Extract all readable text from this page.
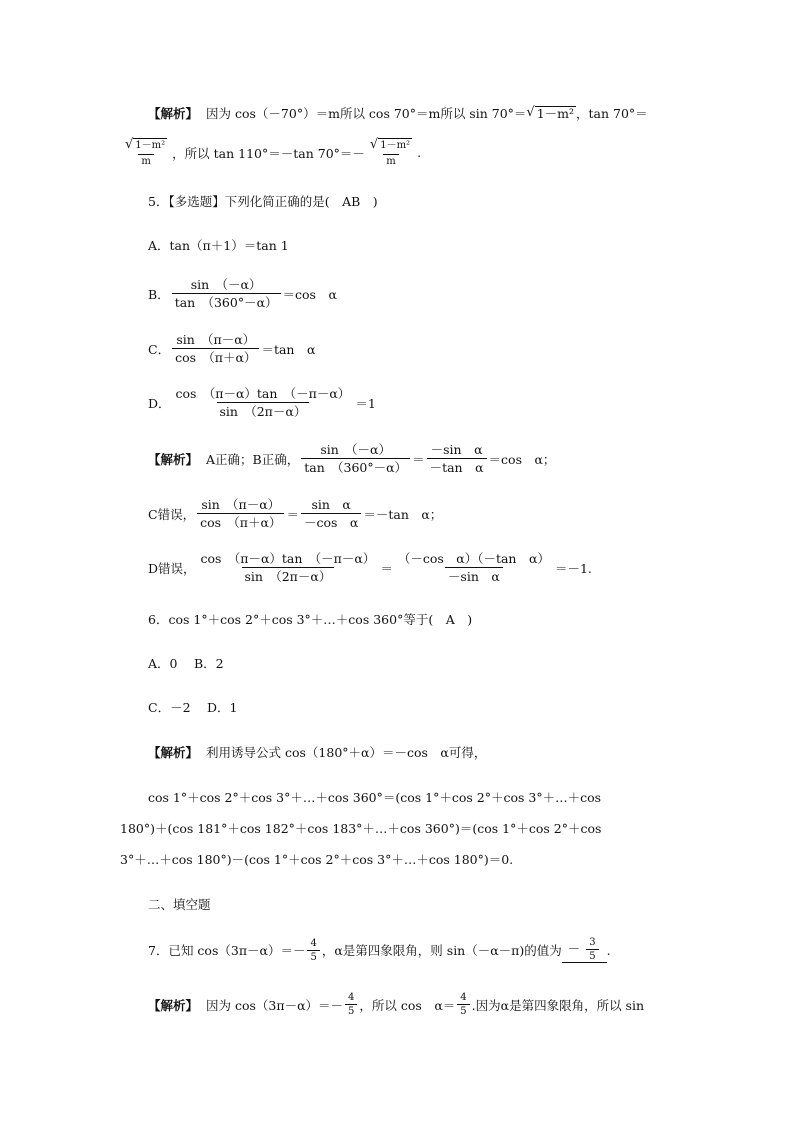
【解析】 因为 cos（－70°）＝m所以 cos 70°＝m所以 sin 70°＝ √ 1－m² ，tan 70°＝
$\frac{\text{√ 1－m²}}{m}$ ，所以 tan 110°＝－tan $70^\circ=- \frac{\text{√ 1－m²}}{m}$ .
5．【多选题】下列化简正确的是(　AB　)
A．tan（π＋1）＝tan 1
B． $\frac{\sin (-\alpha)}{\tan (360^\circ-\alpha)} =\cos$　α
C． $\frac{\sin (\pi-\alpha)}{\cos (\pi+\alpha)} =\tan$　α
D． $\frac{\cos (\pi-\alpha)\tan (-\pi-\alpha)}{\sin (2\pi-\alpha)} =1$
【解析】 A正确；B正确， $\frac{\sin (-\alpha)}{\tan (360^\circ-\alpha)} = \frac{\text{－sin　α}}{\text{－tan　α}} =\cos$　α；
C错误， $\frac{\sin (\pi-\alpha)}{\cos (\pi+\alpha)} = \frac{\text{sin　α}}{\text{－cos　α}} =-\tan$　α；
D错误， $\frac{\cos (\pi-\alpha)\tan (-\pi-\alpha)}{\sin (2\pi-\alpha)} = \frac{\text{（－cos　α）（－tan　α）}}{\text{－sin　α}} =-1$.
6．cos 1°＋cos 2°＋cos 3°＋…＋cos 360°等于(　A　)
A．0　 B．2
C．－2　 D．1
【解析】 利用诱导公式 cos（180°＋α）＝－cos　α可得，
cos 1°＋cos 2°＋cos 3°＋…＋cos 360°＝(cos 1°＋cos 2°＋cos 3°＋…＋cos
180°)＋(cos 181°＋cos 182°＋cos 183°＋…＋cos 360°)＝(cos 1°＋cos 2°＋cos
3°＋…＋cos 180°)－(cos 1°＋cos 2°＋cos 3°＋…＋cos 180°)＝0.
二、填空题
7．已知 $\cos(3\pi-\alpha)=- \frac{4}{5}$ ，α是第四象限角，则 sin（－α－π)的值为 － $\frac{3}{5}$ .
【解析】 因为 $\cos(3\pi-\alpha)=- \frac{4}{5}$ ，所以 cos　$\alpha= \frac{4}{5}$ .因为α是第四象限角，所以 sin
